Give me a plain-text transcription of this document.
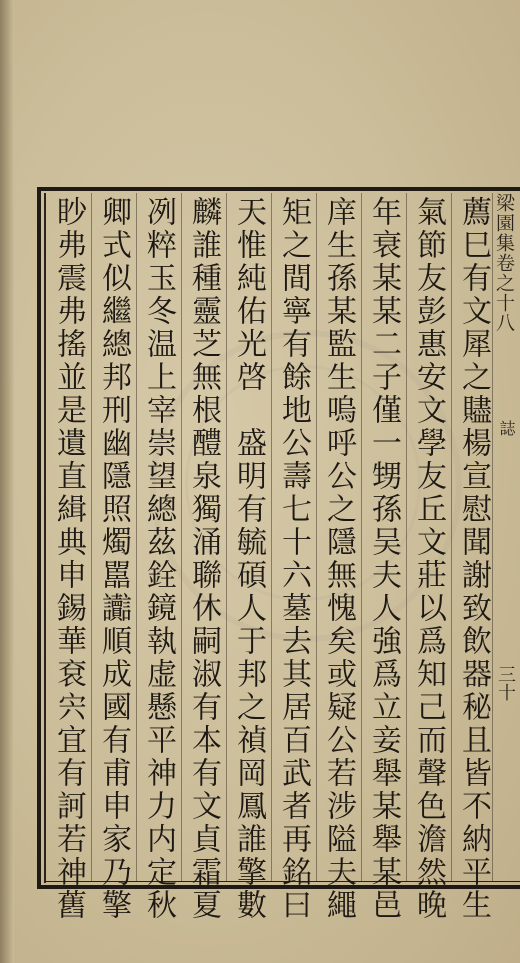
梁園集卷之十八
誌
三十
薦巳有文犀之贐楊宣慰聞謝致飲器秘且皆不納平生
氣節友彭惠安文學友丘文莊以爲知己而聲色澹然晚
年衰某某二子僅一甥孫吴夫人強爲立妾舉某舉某邑
庠生孫某監生嗚呼公之隱無愧矣或疑公若涉隘夫繩
矩之間寧有餘地公壽七十六墓去其居百武者再銘曰
天惟純佑光啓　盛明有毓碩人于邦之禎岡鳳誰擎數
麟誰種靈芝無根醴泉獨涌聯休嗣淑有本有文貞霜夏
冽粹玉冬温上宰崇望總茲銓鏡執虚懸平神力内定秋
卿式似繼總邦刑幽隱照燭嚚讟順成國有甫申家乃擎
眇弗震弗搖並是遺直緝典申錫華袞宍宜有訶若神舊
